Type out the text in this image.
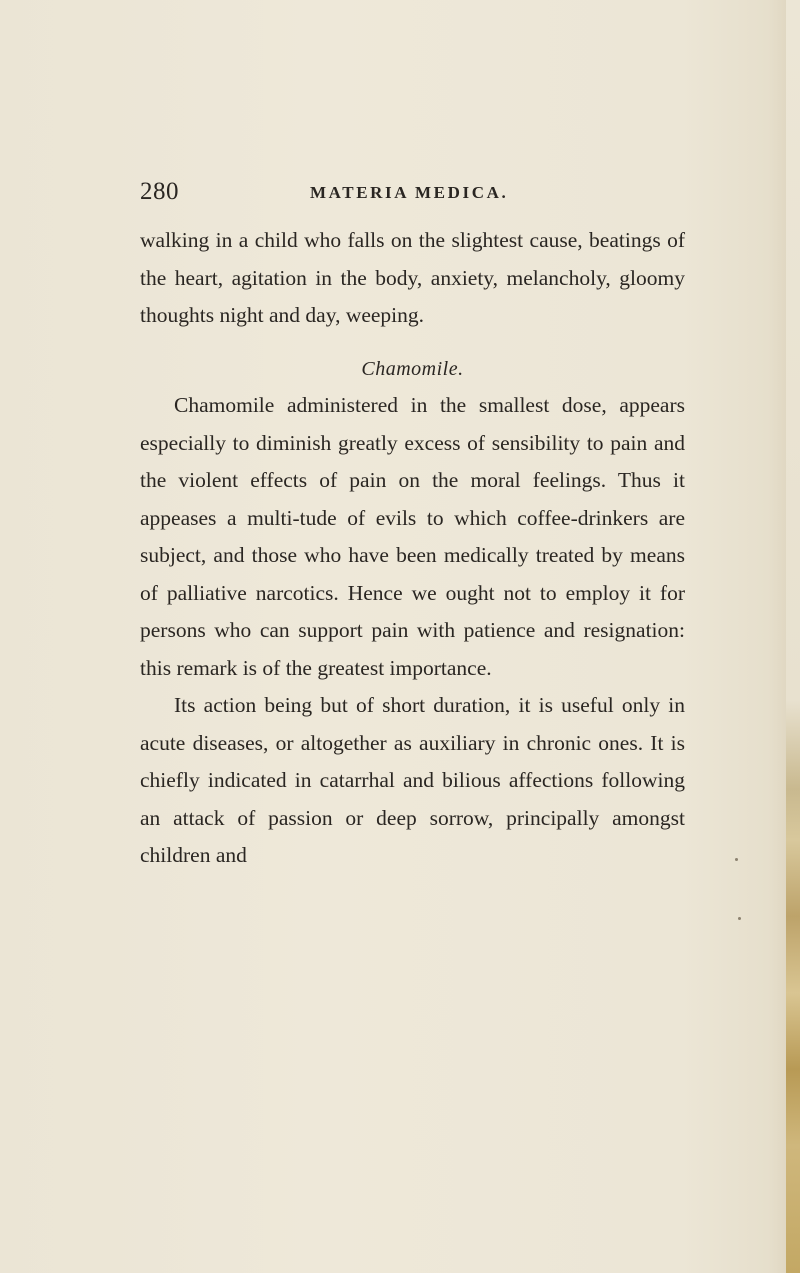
280	MATERIA MEDICA.

walking in a child who falls on the slightest cause, beatings of the heart, agitation in the body, anxiety, melancholy, gloomy thoughts night and day, weeping.

Chamomile.

Chamomile administered in the smallest dose, appears especially to diminish greatly excess of sensibility to pain and the violent effects of pain on the moral feelings. Thus it appeases a multi-tude of evils to which coffee-drinkers are subject, and those who have been medically treated by means of palliative narcotics. Hence we ought not to employ it for persons who can support pain with patience and resignation: this remark is of the greatest importance.

Its action being but of short duration, it is useful only in acute diseases, or altogether as auxiliary in chronic ones. It is chiefly indicated in catarrhal and bilious affections following an attack of passion or deep sorrow, principally amongst children and
